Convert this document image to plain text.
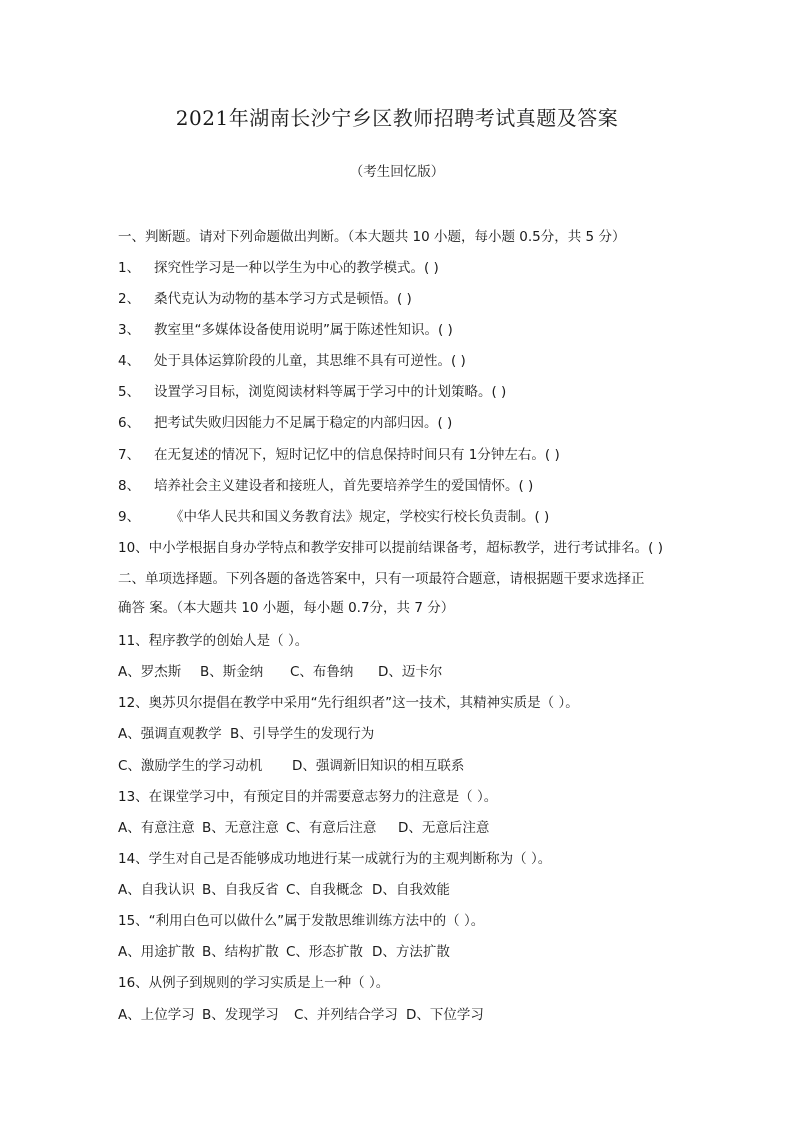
2021年湖南长沙宁乡区教师招聘考试真题及答案
（考生回忆版）
一、判断题。请对下列命题做出判断。（本大题共 10 小题，每小题 0.5分，共 5 分）
1、 探究性学习是一种以学生为中心的教学模式。( )
2、 桑代克认为动物的基本学习方式是顿悟。( )
3、 教室里“多媒体设备使用说明”属于陈述性知识。( )
4、 处于具体运算阶段的儿童，其思维不具有可逆性。( )
5、 设置学习目标，浏览阅读材料等属于学习中的计划策略。( )
6、 把考试失败归因能力不足属于稳定的内部归因。( )
7、 在无复述的情况下，短时记忆中的信息保持时间只有 1分钟左右。( )
8、 培养社会主义建设者和接班人，首先要培养学生的爱国情怀。( )
9、 《中华人民共和国义务教育法》规定，学校实行校长负责制。( )
10、中小学根据自身办学特点和教学安排可以提前结课备考，超标教学，进行考试排名。( )
二、单项选择题。下列各题的备选答案中，只有一项最符合题意，请根据题干要求选择正
确答 案。（本大题共 10 小题，每小题 0.7分，共 7 分）
11、程序教学的创始人是（ ）。
A、罗杰斯 B、斯金纳 C、布鲁纳 D、迈卡尔
12、奥苏贝尔提倡在教学中采用“先行组织者”这一技术，其精神实质是（ ）。
A、强调直观教学 B、引导学生的发现行为
C、激励学生的学习动机 D、强调新旧知识的相互联系
13、在课堂学习中，有预定目的并需要意志努力的注意是（ ）。
A、有意注意 B、无意注意 C、有意后注意 D、无意后注意
14、学生对自己是否能够成功地进行某一成就行为的主观判断称为（ ）。
A、自我认识 B、自我反省 C、自我概念 D、自我效能
15、“利用白色可以做什么”属于发散思维训练方法中的（ ）。
A、用途扩散 B、结构扩散 C、形态扩散 D、方法扩散
16、从例子到规则的学习实质是上一种（ ）。
A、上位学习 B、发现学习 C、并列结合学习 D、下位学习
